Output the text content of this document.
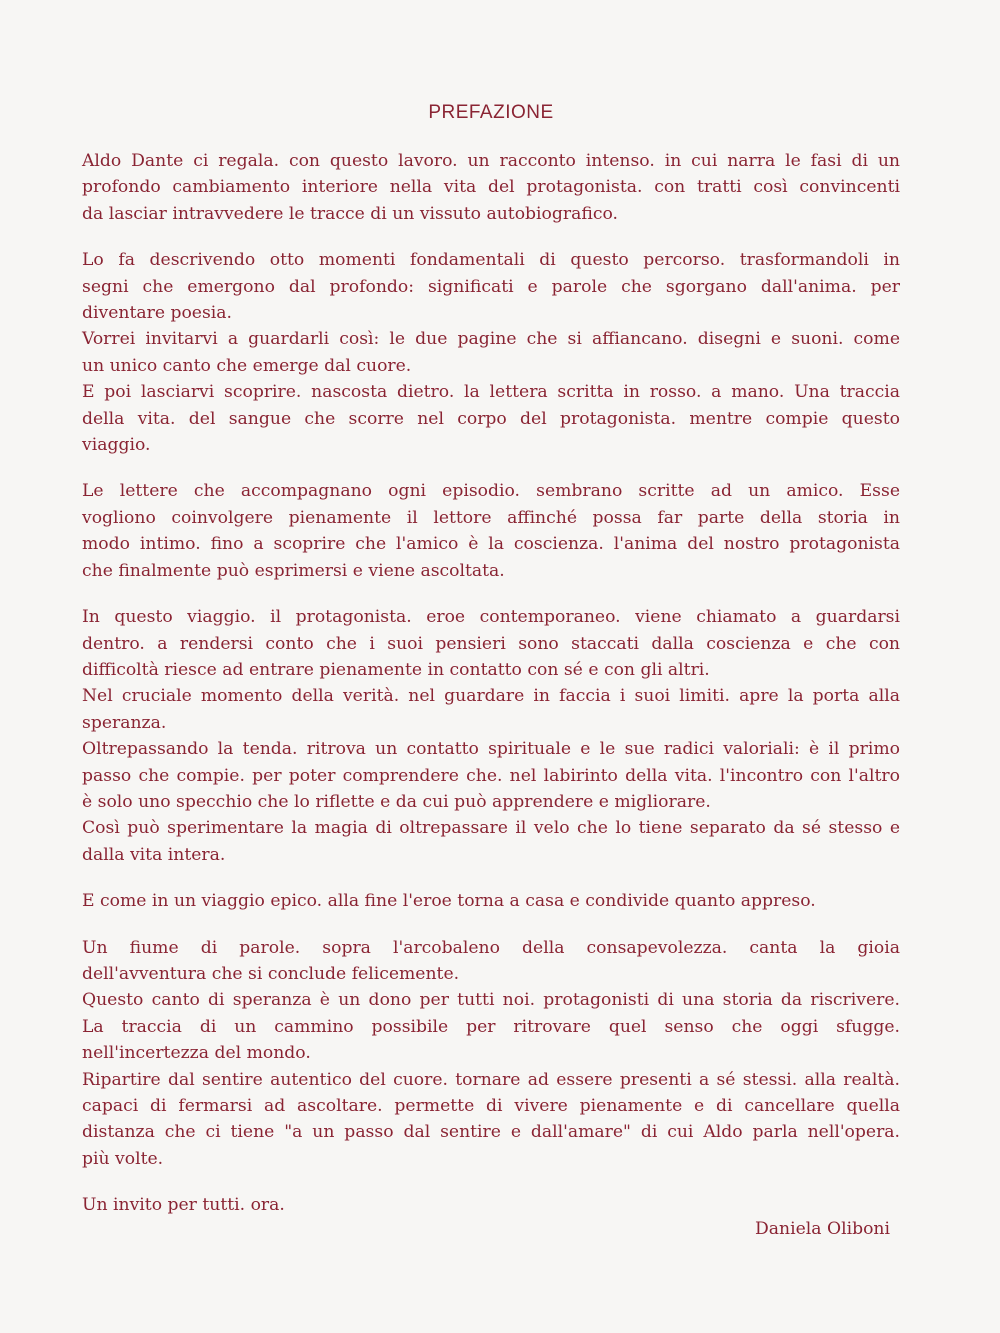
PREFAZIONE
Aldo Dante ci regala. con questo lavoro. un racconto intenso. in cui narra le fasi di un
profondo cambiamento interiore nella vita del protagonista. con tratti così convincenti
da lasciar intravvedere le tracce di un vissuto autobiografico.
Lo fa descrivendo otto momenti fondamentali di questo percorso. trasformandoli in
segni che emergono dal profondo: significati e parole che sgorgano dall'anima. per
diventare poesia.
Vorrei invitarvi a guardarli così: le due pagine che si affiancano. disegni e suoni. come
un unico canto che emerge dal cuore.
E poi lasciarvi scoprire. nascosta dietro. la lettera scritta in rosso. a mano. Una traccia
della vita. del sangue che scorre nel corpo del protagonista. mentre compie questo
viaggio.
Le lettere che accompagnano ogni episodio. sembrano scritte ad un amico. Esse
vogliono coinvolgere pienamente il lettore affinché possa far parte della storia in
modo intimo. fino a scoprire che l'amico è la coscienza. l'anima del nostro protagonista
che finalmente può esprimersi e viene ascoltata.
In questo viaggio. il protagonista. eroe contemporaneo. viene chiamato a guardarsi
dentro. a rendersi conto che i suoi pensieri sono staccati dalla coscienza e che con
difficoltà riesce ad entrare pienamente in contatto con sé e con gli altri.
Nel cruciale momento della verità. nel guardare in faccia i suoi limiti. apre la porta alla
speranza.
Oltrepassando la tenda. ritrova un contatto spirituale e le sue radici valoriali: è il primo
passo che compie. per poter comprendere che. nel labirinto della vita. l'incontro con l'altro
è solo uno specchio che lo riflette e da cui può apprendere e migliorare.
Così può sperimentare la magia di oltrepassare il velo che lo tiene separato da sé stesso e
dalla vita intera.
E come in un viaggio epico. alla fine l'eroe torna a casa e condivide quanto appreso.
Un fiume di parole. sopra l'arcobaleno della consapevolezza. canta la gioia
dell'avventura che si conclude felicemente.
Questo canto di speranza è un dono per tutti noi. protagonisti di una storia da riscrivere.
La traccia di un cammino possibile per ritrovare quel senso che oggi sfugge.
nell'incertezza del mondo.
Ripartire dal sentire autentico del cuore. tornare ad essere presenti a sé stessi. alla realtà.
capaci di fermarsi ad ascoltare. permette di vivere pienamente e di cancellare quella
distanza che ci tiene "a un passo dal sentire e dall'amare" di cui Aldo parla nell'opera.
più volte.
Un invito per tutti. ora.
Daniela Oliboni
